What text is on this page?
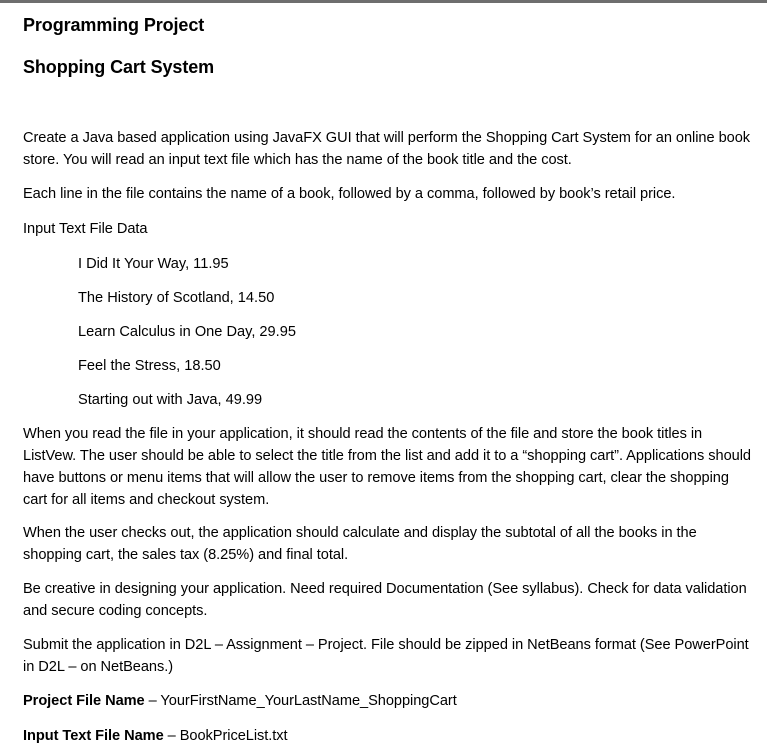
Programming Project
Shopping Cart System
Create a Java based application using JavaFX GUI that will perform the Shopping Cart System for an online book store. You will read an input text file which has the name of the book title and the cost.
Each line in the file contains the name of a book, followed by a comma, followed by book’s retail price.
Input Text File Data
I Did It Your Way, 11.95
The History of Scotland, 14.50
Learn Calculus in One Day, 29.95
Feel the Stress, 18.50
Starting out with Java, 49.99
When you read the file in your application, it should read the contents of the file and store the book titles in ListVew. The user should be able to select the title from the list and add it to a “shopping cart”. Applications should have buttons or menu items that will allow the user to remove items from the shopping cart, clear the shopping cart for all items and checkout system.
When the user checks out, the application should calculate and display the subtotal of all the books in the shopping cart, the sales tax (8.25%) and final total.
Be creative in designing your application. Need required Documentation (See syllabus). Check for data validation and secure coding concepts.
Submit the application in D2L – Assignment – Project. File should be zipped in NetBeans format (See PowerPoint in D2L – on NetBeans.)
Project File Name – YourFirstName_YourLastName_ShoppingCart
Input Text File Name – BookPriceList.txt
